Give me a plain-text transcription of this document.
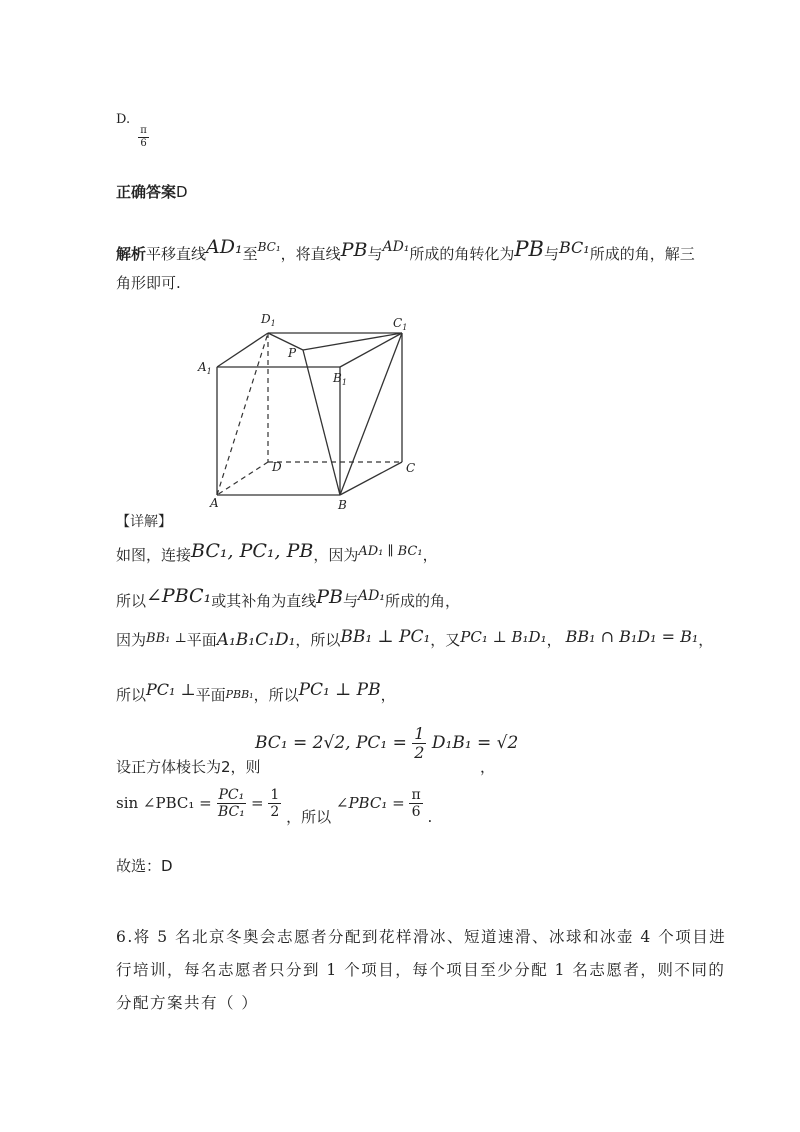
D.
$\frac{\pi}{6}$
正确答案D
解析平移直线AD₁至$^{BC_1}$，将直线PB与AD₁所成的角转化为PB与BC₁所成的角，解三
角形即可.
$D_1$	$C_1$
$A_1$	$B_1$
P
D	C
A	B
【详解】
如图，连接BC₁, PC₁, PB，因为AD₁ ∥ BC₁，
所以∠PBC₁或其补角为直线PB与AD₁所成的角，
因为BB₁ ⊥平面A₁B₁C₁D₁，所以BB₁ ⊥ PC₁，又PC₁ ⊥ B₁D₁， BB₁ ∩ B₁D₁ = B₁，
所以PC₁ ⊥平面PBB₁，所以PC₁ ⊥ PB，
设正方体棱长为2，则
BC₁ = 2√2, $PC_1 = \frac{1}{2} D_1B_1 = √2$
，
sin ∠PBC₁ = $\frac{\text{PC₁}}{\text{BC₁}} = \frac{1}{2}$ ，所以 ∠PBC₁ = $\frac{\pi}{6}$ .
故选：D
6.将 5 名北京冬奥会志愿者分配到花样滑冰、短道速滑、冰球和冰壶 4 个项目进
行培训，每名志愿者只分到 1 个项目，每个项目至少分配 1 名志愿者，则不同的
分配方案共有（ ）
